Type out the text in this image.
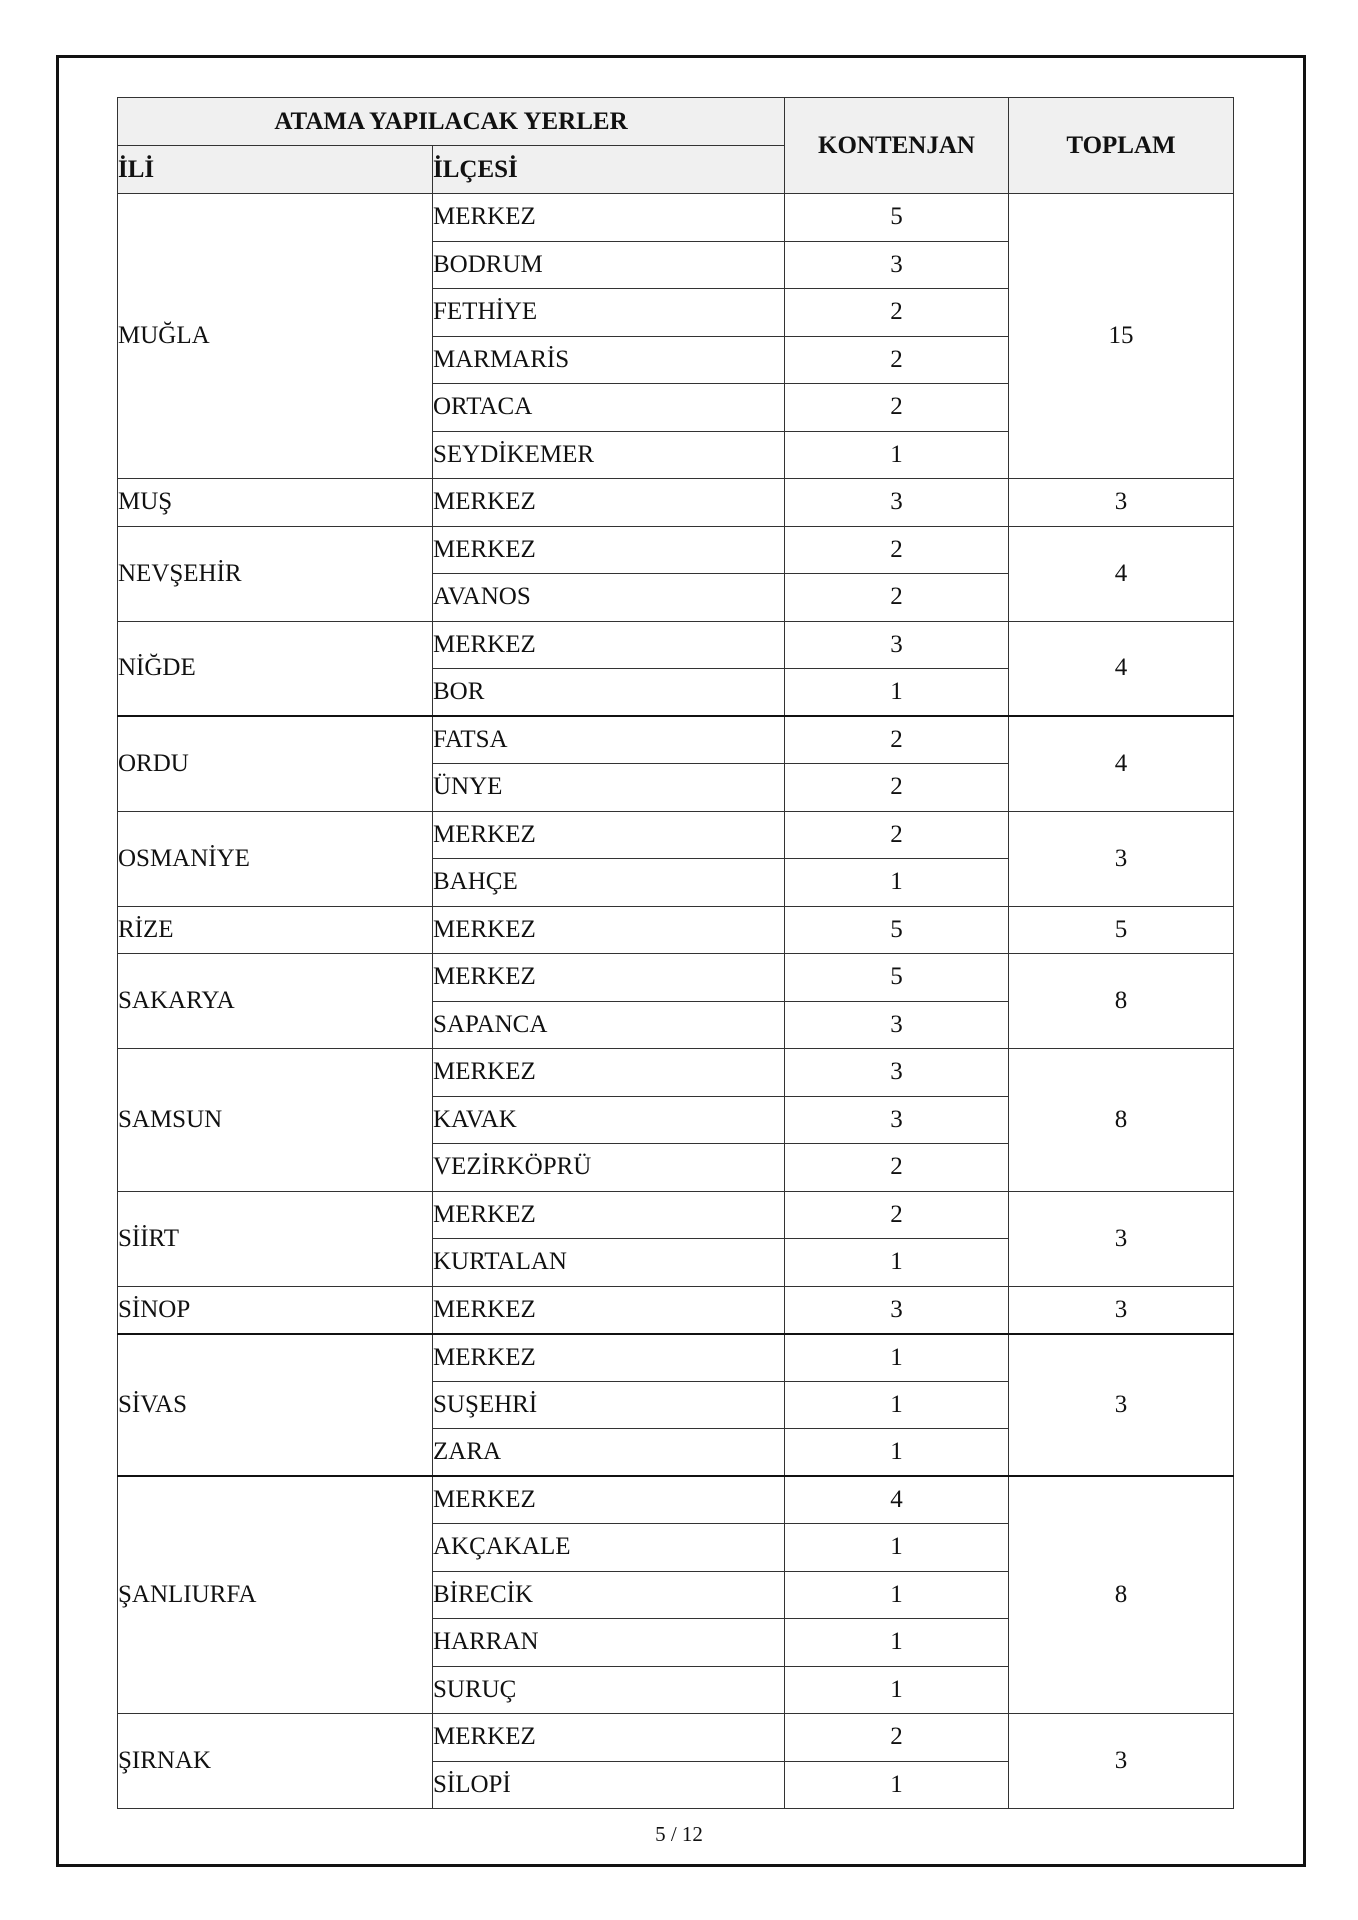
ATAMA YAPILACAK YERLER		KONTENJAN	TOPLAM
İLİ	İLÇESİ		
MUĞLA	MERKEZ	5	15
	BODRUM	3	
	FETHİYE	2	
	MARMARİS	2	
	ORTACA	2	
	SEYDİKEMER	1	
MUŞ	MERKEZ	3	3
NEVŞEHİR	MERKEZ	2	4
	AVANOS	2	
NİĞDE	MERKEZ	3	4
	BOR	1	
ORDU	FATSA	2	4
	ÜNYE	2	
OSMANİYE	MERKEZ	2	3
	BAHÇE	1	
RİZE	MERKEZ	5	5
SAKARYA	MERKEZ	5	8
	SAPANCA	3	
SAMSUN	MERKEZ	3	8
	KAVAK	3	
	VEZİRKÖPRÜ	2	
SİİRT	MERKEZ	2	3
	KURTALAN	1	
SİNOP	MERKEZ	3	3
SİVAS	MERKEZ	1	3
	SUŞEHRİ	1	
	ZARA	1	
ŞANLIURFA	MERKEZ	4	8
	AKÇAKALE	1	
	BİRECİK	1	
	HARRAN	1	
	SURUÇ	1	
ŞIRNAK	MERKEZ	2	3
	SİLOPİ	1	
5 / 12
